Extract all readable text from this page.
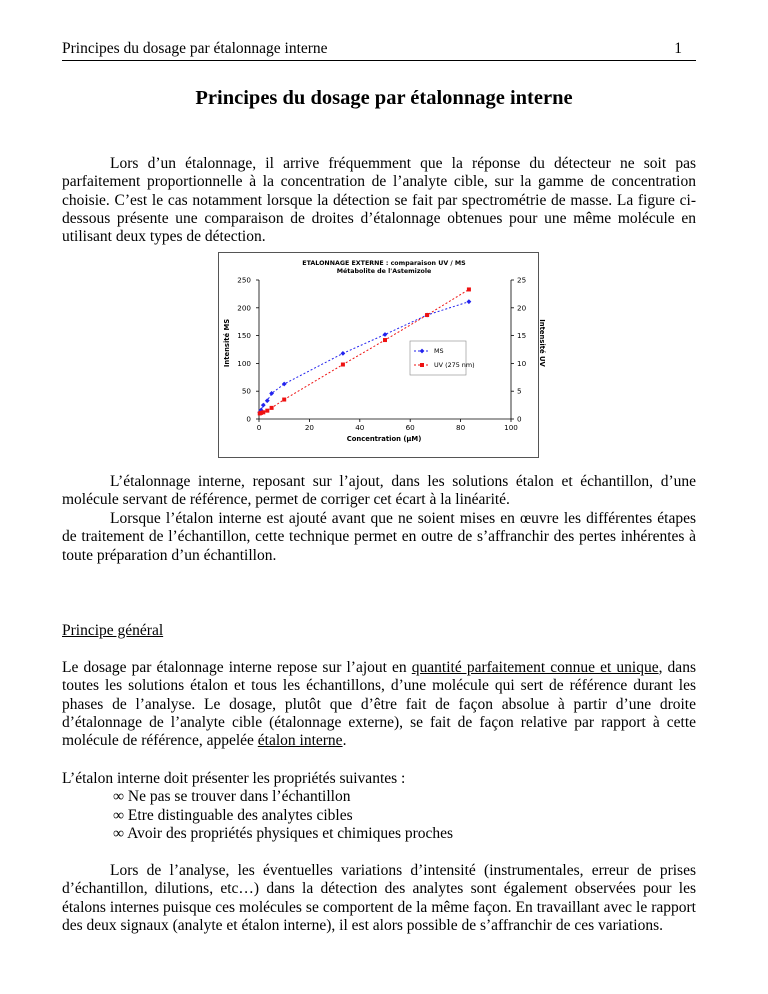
Principes du dosage par étalonnage interne	1
Principes du dosage par étalonnage interne
Lors d’un étalonnage, il arrive fréquemment que la réponse du détecteur ne soit pas parfaitement proportionnelle à la concentration de l’analyte cible, sur la gamme de concentration choisie. C’est le cas notamment lorsque la détection se fait par spectrométrie de masse. La figure ci-dessous présente une comparaison de droites d’étalonnage obtenues pour une même molécule en utilisant deux types de détection.
ETALONNAGE EXTERNE : comparaison UV / MS
Métabolite de l'Astemizole
0
50
100
150
200
250
0
5
10
15
20
25
0	20	40	60	80	100
Concentration (µM)
Intensité MS	Intensité UV
MS
UV (275 nm)
L’étalonnage interne, reposant sur l’ajout, dans les solutions étalon et échantillon, d’une molécule servant de référence, permet de corriger cet écart à la linéarité.
Lorsque l’étalon interne est ajouté avant que ne soient mises en œuvre les différentes étapes de traitement de l’échantillon, cette technique permet en outre de s’affranchir des pertes inhérentes à toute préparation d’un échantillon.
Principe général
Le dosage par étalonnage interne repose sur l’ajout en quantité parfaitement connue et unique, dans toutes les solutions étalon et tous les échantillons, d’une molécule qui sert de référence durant les phases de l’analyse. Le dosage, plutôt que d’être fait de façon absolue à partir d’une droite d’étalonnage de l’analyte cible (étalonnage externe), se fait de façon relative par rapport à cette molécule de référence, appelée étalon interne.
L’étalon interne doit présenter les propriétés suivantes :
∞ Ne pas se trouver dans l’échantillon
∞ Etre distinguable des analytes cibles
∞ Avoir des propriétés physiques et chimiques proches
Lors de l’analyse, les éventuelles variations d’intensité (instrumentales, erreur de prises d’échantillon, dilutions, etc…) dans la détection des analytes sont également observées pour les étalons internes puisque ces molécules se comportent de la même façon. En travaillant avec le rapport des deux signaux (analyte et étalon interne), il est alors possible de s’affranchir de ces variations.
